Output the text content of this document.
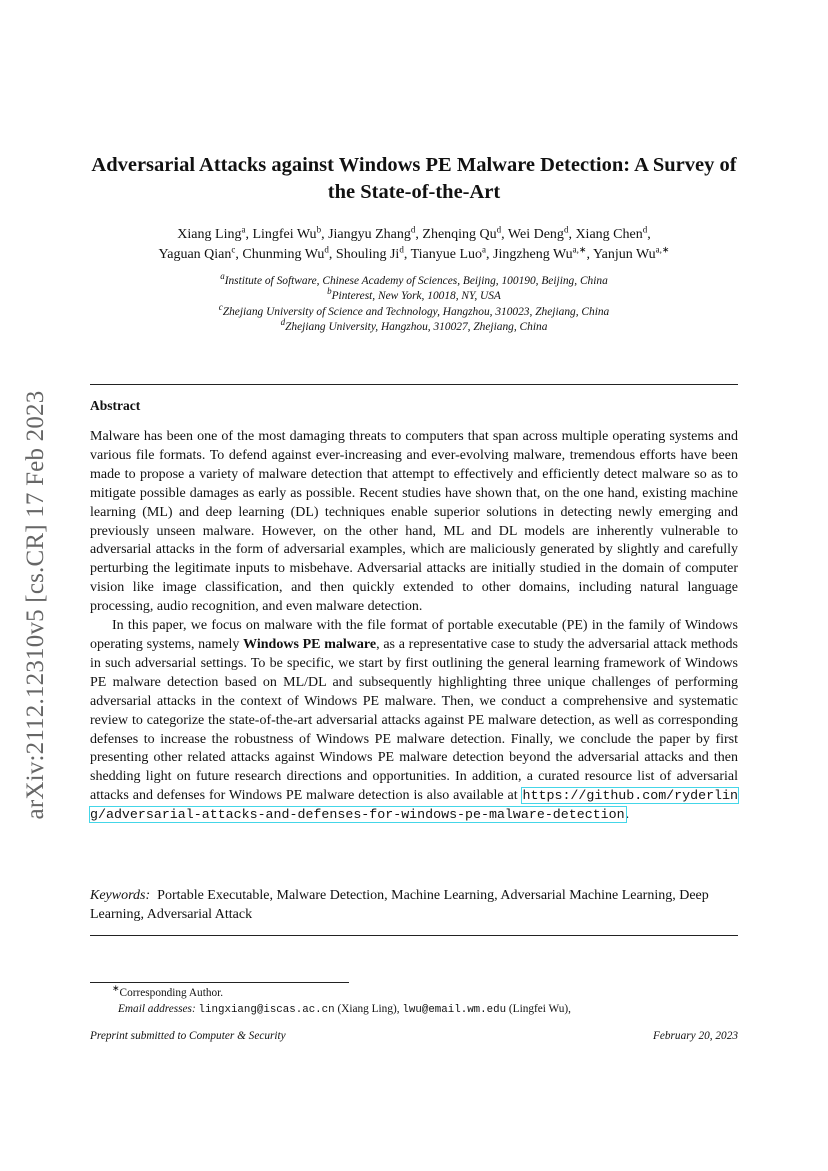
arXiv:2112.12310v5 [cs.CR] 17 Feb 2023
Adversarial Attacks against Windows PE Malware Detection: A Survey of the State-of-the-Art
Xiang Ling$^a$, Lingfei Wu$^b$, Jiangyu Zhang$^d$, Zhenqing Qu$^d$, Wei Deng$^d$, Xiang Chen$^d$,
Yaguan Qian$^c$, Chunming Wu$^d$, Shouling Ji$^d$, Tianyue Luo$^a$, Jingzheng $Wu^{a,∗}$, Yanjun $Wu^{a,∗}$
$^a$Institute of Software, Chinese Academy of Sciences, Beijing, 100190, Beijing, China
$^b$Pinterest, New York, 10018, NY, USA
$^c$Zhejiang University of Science and Technology, Hangzhou, 310023, Zhejiang, China
$^d$Zhejiang University, Hangzhou, 310027, Zhejiang, China
Abstract

Malware has been one of the most damaging threats to computers that span across multiple operating systems and various file formats. To defend against ever-increasing and ever-evolving malware, tremendous efforts have been made to propose a variety of malware detection that attempt to effectively and efficiently detect malware so as to mitigate possible damages as early as possible. Recent studies have shown that, on the one hand, existing machine learning (ML) and deep learning (DL) techniques enable superior solutions in detecting newly emerging and previously unseen malware. However, on the other hand, ML and DL models are inherently vulnerable to adversarial attacks in the form of adversarial examples, which are maliciously generated by slightly and carefully perturbing the legitimate inputs to misbehave. Adversarial attacks are initially studied in the domain of computer vision like image classification, and then quickly extended to other domains, including natural language processing, audio recognition, and even malware detection.

In this paper, we focus on malware with the file format of portable executable (PE) in the family of Windows operating systems, namely Windows PE malware, as a representative case to study the adversarial attack methods in such adversarial settings. To be specific, we start by first outlining the general learning framework of Windows PE malware detection based on ML/DL and subsequently highlighting three unique challenges of performing adversarial attacks in the context of Windows PE malware. Then, we conduct a comprehensive and systematic review to categorize the state-of-the-art adversarial attacks against PE malware detection, as well as corresponding defenses to increase the robustness of Windows PE malware detection. Finally, we conclude the paper by first presenting other related attacks against Windows PE malware detection beyond the adversarial attacks and then shedding light on future research directions and opportunities. In addition, a curated resource list of adversarial attacks and defenses for Windows PE malware detection is also available at https://github.com/ryderling/adversarial-attacks-and-defenses-for-windows-pe-malware-detection.

Keywords: Portable Executable, Malware Detection, Machine Learning, Adversarial Machine Learning, Deep Learning, Adversarial Attack
∗Corresponding Author.
Email addresses: lingxiang@iscas.ac.cn (Xiang Ling), lwu@email.wm.edu (Lingfei Wu),
Preprint submitted to Computer & Security	February 20, 2023
